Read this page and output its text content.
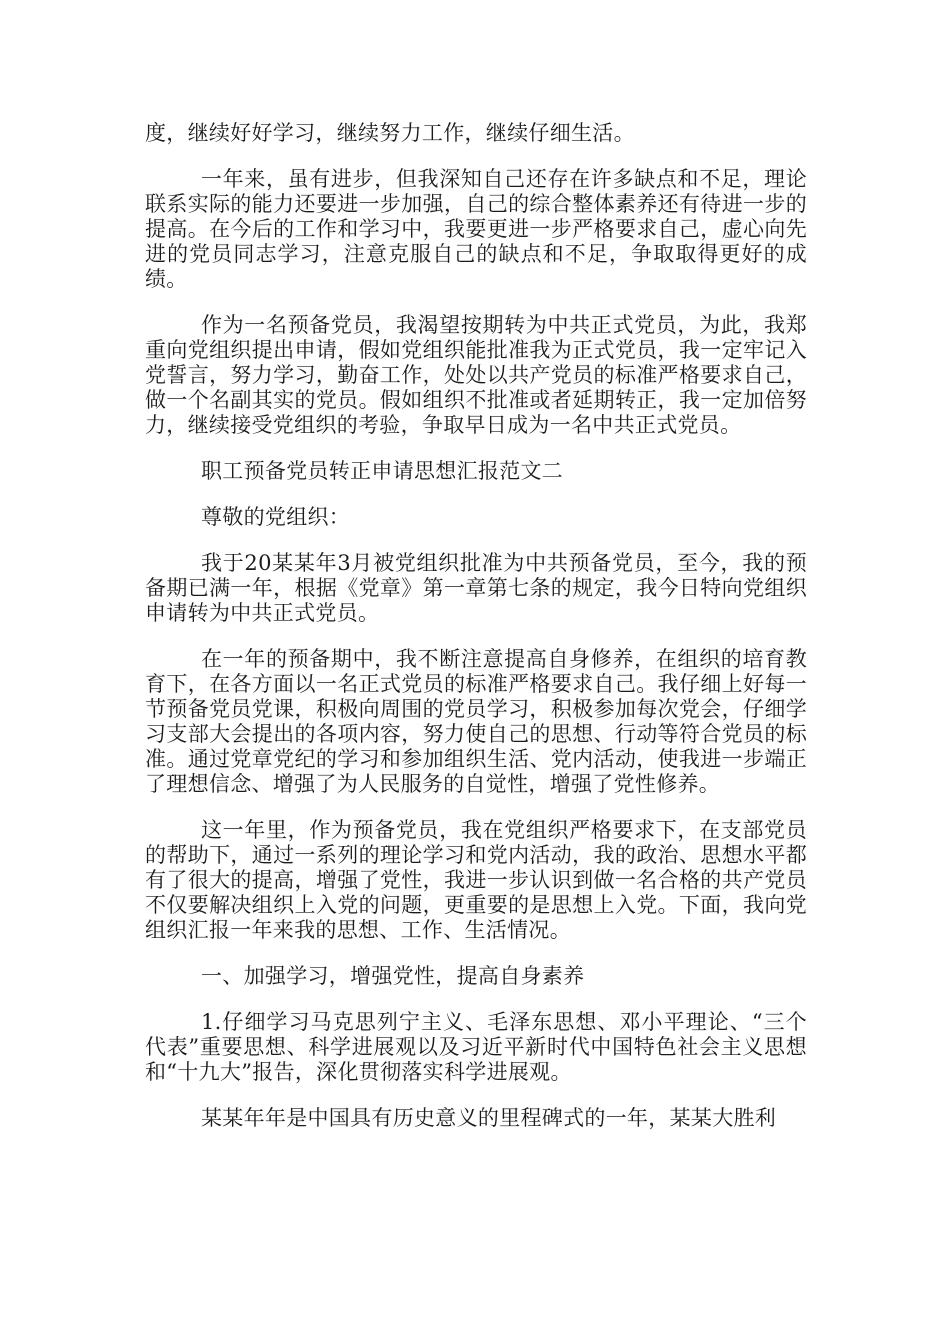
度，继续好好学习，继续努力工作，继续仔细生活。

一年来，虽有进步，但我深知自己还存在许多缺点和不足，理论联系实际的能力还要进一步加强，自己的综合整体素养还有待进一步的提高。在今后的工作和学习中，我要更进一步严格要求自己，虚心向先进的党员同志学习，注意克服自己的缺点和不足，争取取得更好的成绩。

作为一名预备党员，我渴望按期转为中共正式党员，为此，我郑重向党组织提出申请，假如党组织能批准我为正式党员，我一定牢记入党誓言，努力学习，勤奋工作，处处以共产党员的标准严格要求自己，做一个名副其实的党员。假如组织不批准或者延期转正，我一定加倍努力，继续接受党组织的考验，争取早日成为一名中共正式党员。

职工预备党员转正申请思想汇报范文二

尊敬的党组织：

我于20某某年3月被党组织批准为中共预备党员，至今，我的预备期已满一年，根据《党章》第一章第七条的规定，我今日特向党组织申请转为中共正式党员。

在一年的预备期中，我不断注意提高自身修养，在组织的培育教育下，在各方面以一名正式党员的标准严格要求自己。我仔细上好每一节预备党员党课，积极向周围的党员学习，积极参加每次党会，仔细学习支部大会提出的各项内容，努力使自己的思想、行动等符合党员的标准。通过党章党纪的学习和参加组织生活、党内活动，使我进一步端正了理想信念、增强了为人民服务的自觉性，增强了党性修养。

这一年里，作为预备党员，我在党组织严格要求下，在支部党员的帮助下，通过一系列的理论学习和党内活动，我的政治、思想水平都有了很大的提高，增强了党性，我进一步认识到做一名合格的共产党员不仅要解决组织上入党的问题，更重要的是思想上入党。下面，我向党组织汇报一年来我的思想、工作、生活情况。

一、加强学习，增强党性，提高自身素养

1.仔细学习马克思列宁主义、毛泽东思想、邓小平理论、“三个代表”重要思想、科学进展观以及习近平新时代中国特色社会主义思想和“十九大”报告，深化贯彻落实科学进展观。

某某年年是中国具有历史意义的里程碑式的一年，某某大胜利
